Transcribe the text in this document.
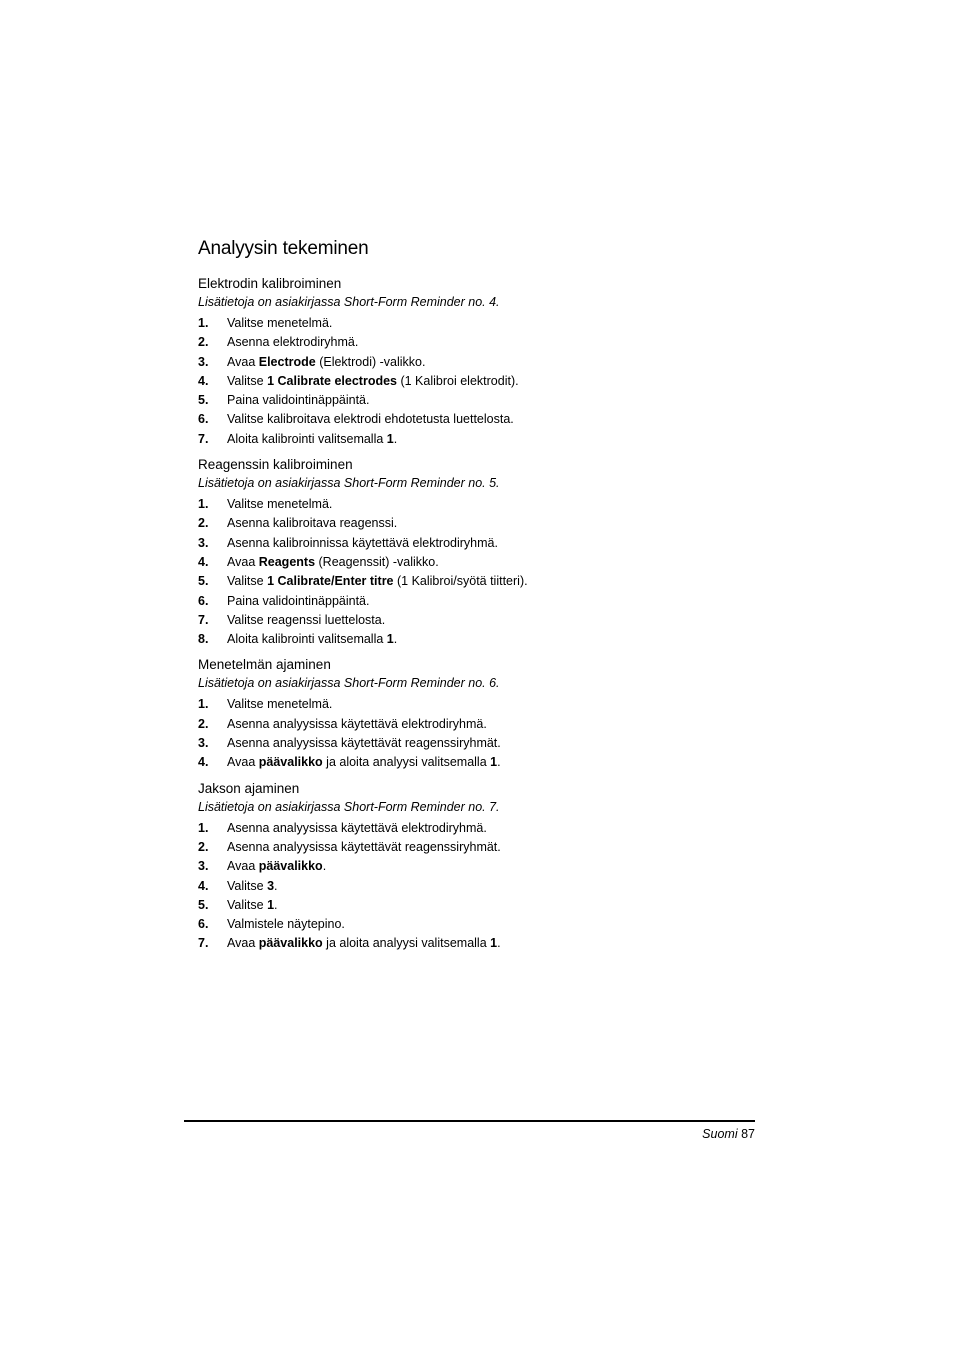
Analyysin tekeminen
Elektrodin kalibroiminen

Lisätietoja on asiakirjassa Short-Form Reminder no. 4.

1.	Valitse menetelmä.
2.	Asenna elektrodiryhmä.
3.	Avaa Electrode (Elektrodi) -valikko.
4.	Valitse 1 Calibrate electrodes (1 Kalibroi elektrodit).
5.	Paina validointinäppäintä.
6.	Valitse kalibroitava elektrodi ehdotetusta luettelosta.
7.	Aloita kalibrointi valitsemalla 1.
Reagenssin kalibroiminen

Lisätietoja on asiakirjassa Short-Form Reminder no. 5.

1.	Valitse menetelmä.
2.	Asenna kalibroitava reagenssi.
3.	Asenna kalibroinnissa käytettävä elektrodiryhmä.
4.	Avaa Reagents (Reagenssit) -valikko.
5.	Valitse 1 Calibrate/Enter titre (1 Kalibroi/syötä tiitteri).
6.	Paina validointinäppäintä.
7.	Valitse reagenssi luettelosta.
8.	Aloita kalibrointi valitsemalla 1.
Menetelmän ajaminen

Lisätietoja on asiakirjassa Short-Form Reminder no. 6.

1.	Valitse menetelmä.
2.	Asenna analyysissa käytettävä elektrodiryhmä.
3.	Asenna analyysissa käytettävät reagenssiryhmät.
4.	Avaa päävalikko ja aloita analyysi valitsemalla 1.
Jakson ajaminen

Lisätietoja on asiakirjassa Short-Form Reminder no. 7.

1.	Asenna analyysissa käytettävä elektrodiryhmä.
2.	Asenna analyysissa käytettävät reagenssiryhmät.
3.	Avaa päävalikko.
4.	Valitse 3.
5.	Valitse 1.
6.	Valmistele näytepino.
7.	Avaa päävalikko ja aloita analyysi valitsemalla 1.
Suomi 87
